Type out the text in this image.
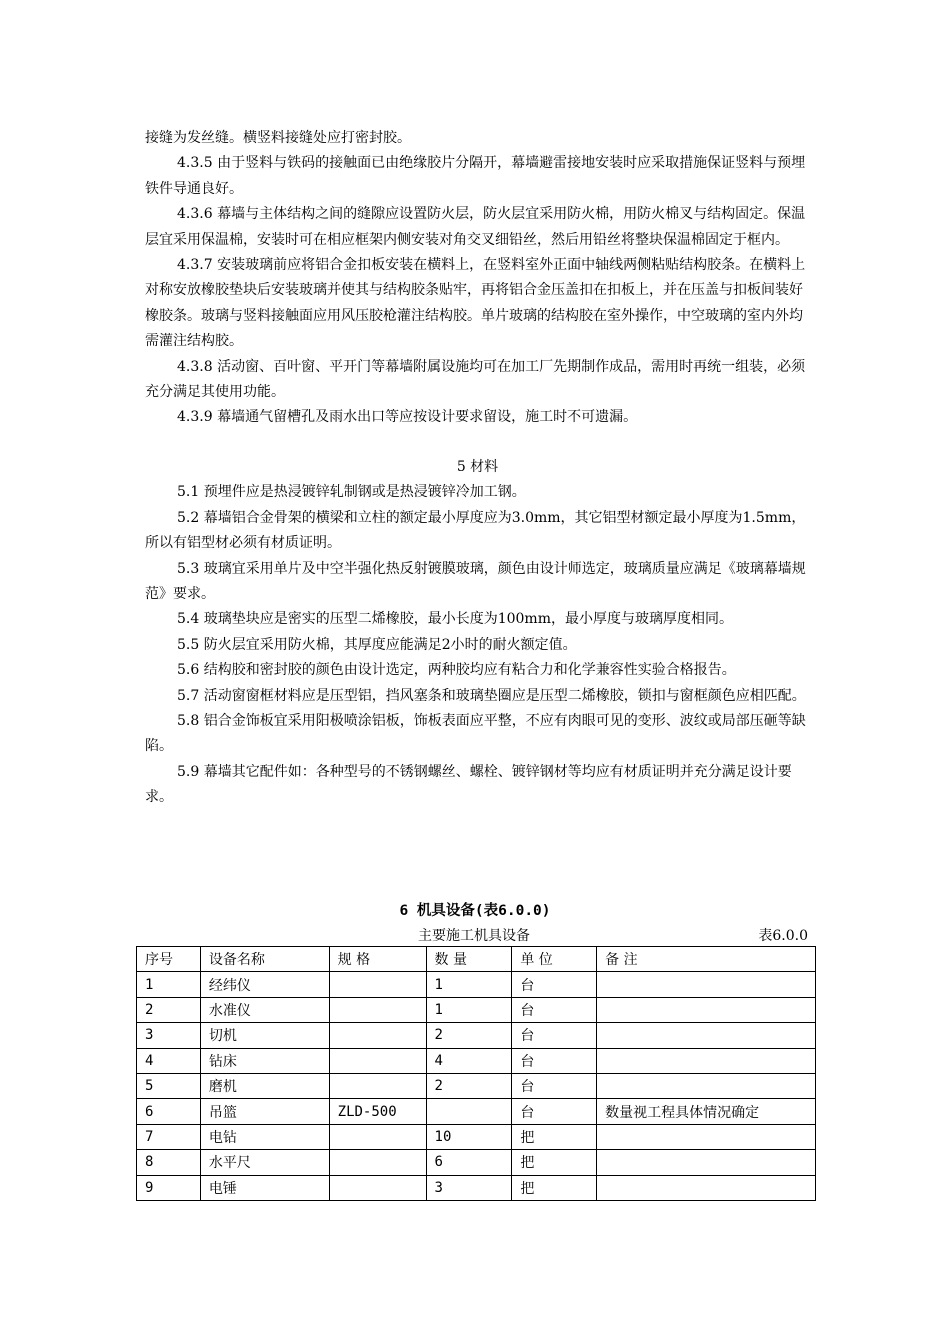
接缝为发丝缝。横竖料接缝处应打密封胶。

4.3.5 由于竖料与铁码的接触面已由绝缘胶片分隔开，幕墙避雷接地安装时应采取措施保证竖料与预埋铁件导通良好。

4.3.6 幕墙与主体结构之间的缝隙应设置防火层，防火层宜采用防火棉，用防火棉叉与结构固定。保温层宜采用保温棉，安装时可在相应框架内侧安装对角交叉细铅丝，然后用铅丝将整块保温棉固定于框内。

4.3.7 安装玻璃前应将铝合金扣板安装在横料上，在竖料室外正面中轴线两侧粘贴结构胶条。在横料上对称安放橡胶垫块后安装玻璃并使其与结构胶条贴牢，再将铝合金压盖扣在扣板上，并在压盖与扣板间装好橡胶条。玻璃与竖料接触面应用风压胶枪灌注结构胶。单片玻璃的结构胶在室外操作，中空玻璃的室内外均需灌注结构胶。

4.3.8 活动窗、百叶窗、平开门等幕墙附属设施均可在加工厂先期制作成品，需用时再统一组装，必须充分满足其使用功能。

4.3.9 幕墙通气留槽孔及雨水出口等应按设计要求留设，施工时不可遗漏。

5 材料

5.1 预埋件应是热浸镀锌轧制钢或是热浸镀锌冷加工钢。

5.2 幕墙铝合金骨架的横梁和立柱的额定最小厚度应为3.0mm，其它铝型材额定最小厚度为1.5mm，所以有铝型材必须有材质证明。

5.3 玻璃宜采用单片及中空半强化热反射镀膜玻璃，颜色由设计师选定，玻璃质量应满足《玻璃幕墙规范》要求。

5.4 玻璃垫块应是密实的压型二烯橡胶，最小长度为100mm，最小厚度与玻璃厚度相同。

5.5 防火层宜采用防火棉，其厚度应能满足2小时的耐火额定值。

5.6 结构胶和密封胶的颜色由设计选定，两种胶均应有粘合力和化学兼容性实验合格报告。

5.7 活动窗窗框材料应是压型铝，挡风塞条和玻璃垫圈应是压型二烯橡胶，锁扣与窗框颜色应相匹配。

5.8 铝合金饰板宜采用阳极喷涂铝板，饰板表面应平整，不应有肉眼可见的变形、波纹或局部压砸等缺陷。

5.9 幕墙其它配件如：各种型号的不锈钢螺丝、螺栓、镀锌钢材等均应有材质证明并充分满足设计要求。

6 机具设备(表6.0.0)
主要施工机具设备	表6.0.0
序号	设备名称	规 格	数 量	单 位	备 注
1	经纬仪		1	台	
2	水准仪		1	台	
3	切机		2	台	
4	钻床		4	台	
5	磨机		2	台	
6	吊篮	ZLD-500		台	数量视工程具体情况确定
7	电钻		10	把	
8	水平尺		6	把	
9	电锤		3	把	
